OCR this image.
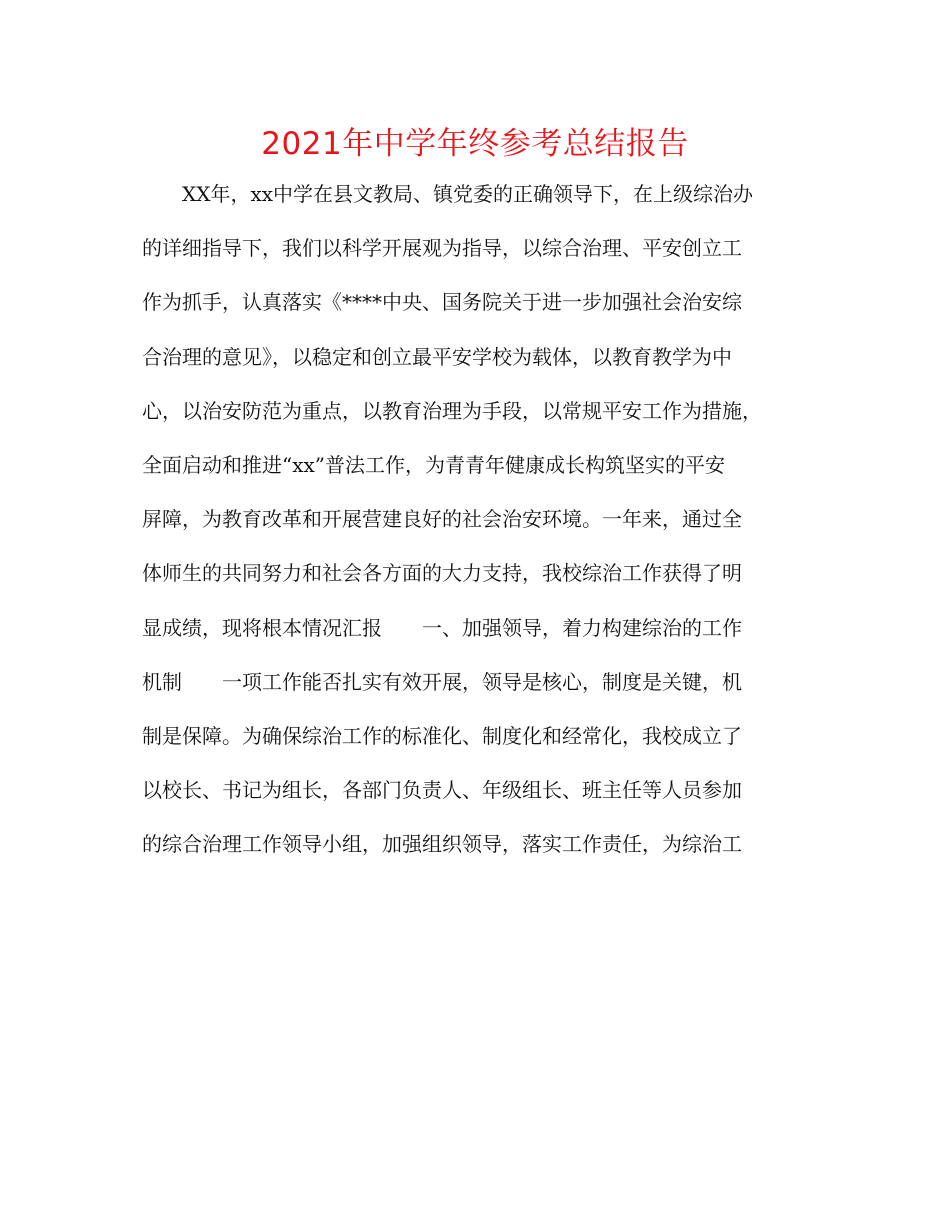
2021年中学年终参考总结报告
　　XX年，xx中学在县文教局、镇党委的正确领导下，在上级综治办
的详细指导下，我们以科学开展观为指导，以综合治理、平安创立工
作为抓手，认真落实《****中央、国务院关于进一步加强社会治安综
合治理的意见》，以稳定和创立最平安学校为载体，以教育教学为中
心，以治安防范为重点，以教育治理为手段，以常规平安工作为措施，
全面启动和推进“xx”普法工作，为青青年健康成长构筑坚实的平安
屏障，为教育改革和开展营建良好的社会治安环境。一年来，通过全
体师生的共同努力和社会各方面的大力支持，我校综治工作获得了明
显成绩，现将根本情况汇报　　一、加强领导，着力构建综治的工作
机制　　一项工作能否扎实有效开展，领导是核心，制度是关键，机
制是保障。为确保综治工作的标准化、制度化和经常化，我校成立了
以校长、书记为组长，各部门负责人、年级组长、班主任等人员参加
的综合治理工作领导小组，加强组织领导，落实工作责任，为综治工
